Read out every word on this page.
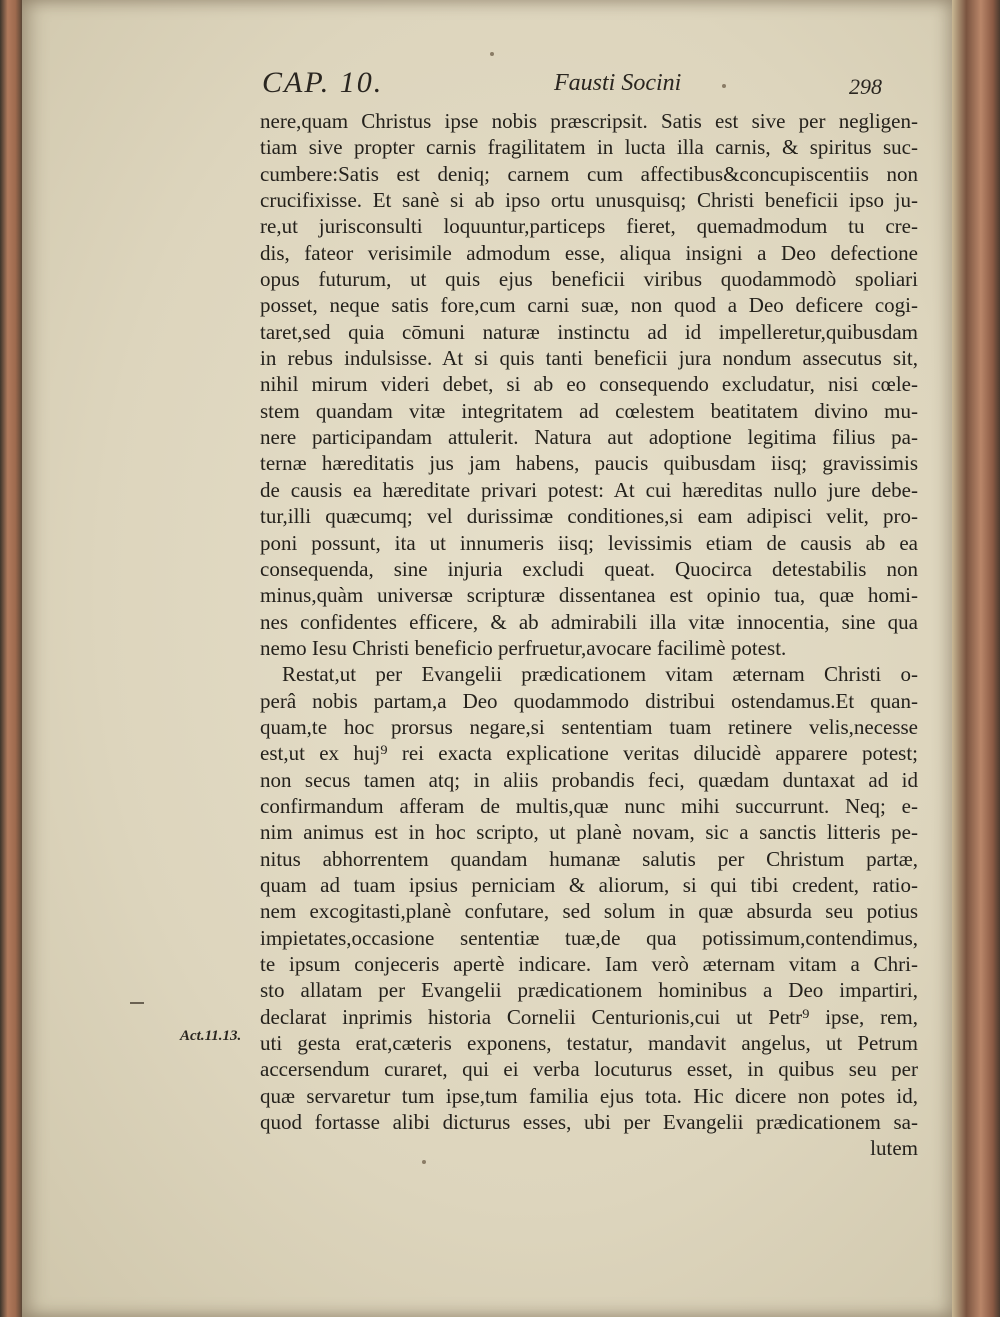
CAP. 10.	Fausti Socini	298
Act.11.13.
nere,quam Christus ipse nobis præscripsit. Satis est sive per negligen-
tiam sive propter carnis fragilitatem in lucta illa carnis, & spiritus suc-
cumbere:Satis est deniq; carnem cum affectibus&concupiscentiis non
crucifixisse. Et sanè si ab ipso ortu unusquisq; Christi beneficii ipso ju-
re,ut jurisconsulti loquuntur,particeps fieret, quemadmodum tu cre-
dis, fateor verisimile admodum esse, aliqua insigni a Deo defectione
opus futurum, ut quis ejus beneficii viribus quodammodò spoliari
posset, neque satis fore,cum carni suæ, non quod a Deo deficere cogi-
taret,sed quia cōmuni naturæ instinctu ad id impelleretur,quibusdam
in rebus indulsisse. At si quis tanti beneficii jura nondum assecutus sit,
nihil mirum videri debet, si ab eo consequendo excludatur, nisi cœle-
stem quandam vitæ integritatem ad cœlestem beatitatem divino mu-
nere participandam attulerit. Natura aut adoptione legitima filius pa-
ternæ hæreditatis jus jam habens, paucis quibusdam iisq; gravissimis
de causis ea hæreditate privari potest: At cui hæreditas nullo jure debe-
tur,illi quæcumq; vel durissimæ conditiones,si eam adipisci velit, pro-
poni possunt, ita ut innumeris iisq; levissimis etiam de causis ab ea
consequenda, sine injuria excludi queat. Quocirca detestabilis non
minus,quàm universæ scripturæ dissentanea est opinio tua, quæ homi-
nes confidentes efficere, & ab admirabili illa vitæ innocentia, sine qua
nemo Iesu Christi beneficio perfruetur,avocare facilimè potest.
Restat,ut per Evangelii prædicationem vitam æternam Christi o-
perâ nobis partam,a Deo quodammodo distribui ostendamus.Et quan-
quam,te hoc prorsus negare,si sententiam tuam retinere velis,necesse
est,ut ex huj⁹ rei exacta explicatione veritas dilucidè apparere potest;
non secus tamen atq; in aliis probandis feci, quædam duntaxat ad id
confirmandum afferam de multis,quæ nunc mihi succurrunt. Neq; e-
nim animus est in hoc scripto, ut planè novam, sic a sanctis litteris pe-
nitus abhorrentem quandam humanæ salutis per Christum partæ,
quam ad tuam ipsius perniciam & aliorum, si qui tibi credent, ratio-
nem excogitasti,planè confutare, sed solum in quæ absurda seu potius
impietates,occasione sententiæ tuæ,de qua potissimum,contendimus,
te ipsum conjeceris apertè indicare. Iam verò æternam vitam a Chri-
sto allatam per Evangelii prædicationem hominibus a Deo impartiri,
declarat inprimis historia Cornelii Centurionis,cui ut Petr⁹ ipse, rem,
uti gesta erat,cæteris exponens, testatur, mandavit angelus, ut Petrum
accersendum curaret, qui ei verba locuturus esset, in quibus seu per
quæ servaretur tum ipse,tum familia ejus tota. Hic dicere non potes id,
quod fortasse alibi dicturus esses, ubi per Evangelii prædicationem sa-
lutem
